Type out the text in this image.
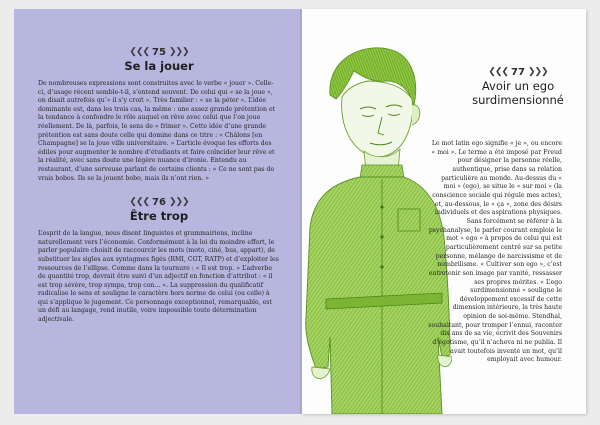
❮❮❮ 75 ❯❯❯
Se la jouer

De nombreuses expressions sont construites avec le verbe « jouer ». Celle-ci, d’usage récent semble-t-il, s’entend souvent. De celui qui « se la joue », on disait autrefois qu’« il s’y croit ». Très familier : « se la péter ». L’idée dominante est, dans les trois cas, la même : une assez grande prétention et la tendance à confondre le rôle auquel on rêve avec celui que l’on joue réellement. De là, parfois, le sens de « frimer ». Cette idée d’une grande prétention est sans doute celle qui domine dans ce titre : « Châlons [en Champagne] se la joue ville universitaire. » L’article évoque les efforts des édiles pour augmenter le nombre d’étudiants et faire coïncider leur rêve et la réalité, avec sans doute une légère nuance d’ironie. Entendu au restaurant, d’une serveuse parlant de certains clients : « Ce ne sont pas de vrais bobos. Ils se la jouent bobo, mais ils n’ont rien. »

❮❮❮ 76 ❯❯❯
Être trop

L’esprit de la langue, nous disent linguistes et grammairiens, incline naturellement vers l’économie. Conformément à la loi du moindre effort, le parler populaire choisit de raccourcir les mots (moto, ciné, bus, appart), de substituer les sigles aux syntagmes figés (RMI, CGT, RATP) et d’exploiter les ressources de l’ellipse. Comme dans la tournure : « Il est trop. » L’adverbe de quantité trop, devrait être suivi d’un adjectif en fonction d’attribut : « il est trop sévère, trop sympa, trop con... ». La suppression du qualificatif radicalise le sens et souligne le caractère hors norme de celui (ou celle) à qui s’applique le jugement. Ce personnage exceptionnel, remarquable, est un défi au langage, rend inutile, voire impossible toute détermination adjectivale.

❮❮❮ 77 ❯❯❯
Avoir un ego surdimensionné

Le mot latin ego signifie « je », ou encore « moi ». Le terme a été imposé par Freud pour désigner la personne réelle, authentique, prise dans sa relation particulière au monde. Au-dessus du « moi » (ego), se situe le « sur moi » (la conscience sociale qui régule mes actes), et, au-dessous, le « ça », zone des désirs individuels et des aspirations physiques. Sans forcément se référer à la psychanalyse, le parler courant emploie le mot « ego » à propos de celui qui est particulièrement centré sur sa petite personne, mélange de narcissisme et de nombrilisme. « Cultiver son ego », c’est entretenir son image par vanité, ressasser ses propres mérites. « L’ego surdimensionné » souligne le développement excessif de cette dimension intérieure, la très haute opinion de soi-même. Stendhal, souhaitant, pour tromper l’ennui, raconter dix ans de sa vie, écrivit des Souvenirs d’égotisme, qu’il n’acheva ni ne publia. Il avait toutefois inventé un mot, qu’il employait avec humour.
